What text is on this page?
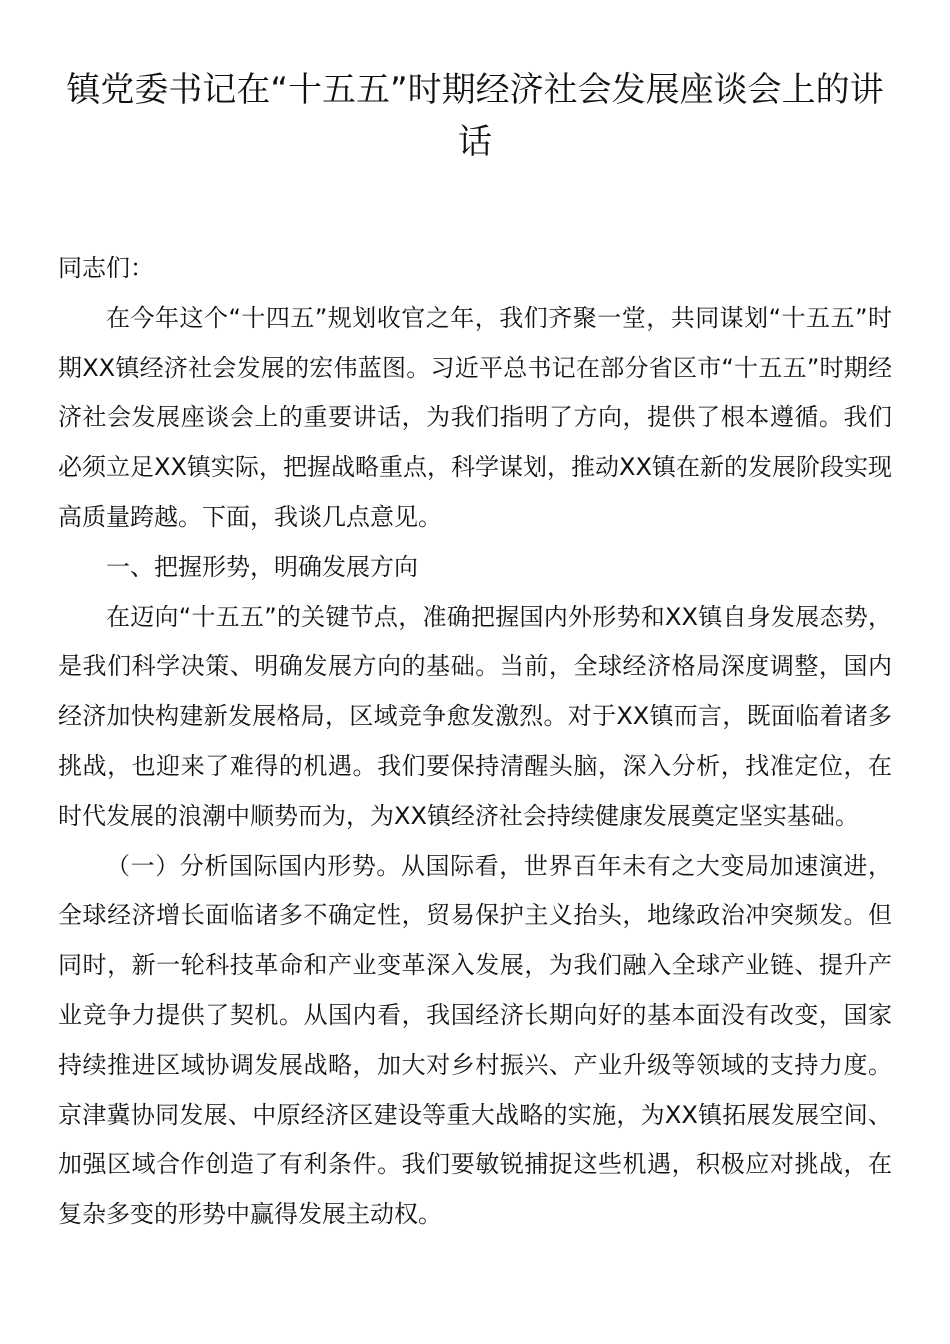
镇党委书记在“十五五”时期经济社会发展座谈会上的讲话

同志们：

在今年这个“十四五”规划收官之年，我们齐聚一堂，共同谋划“十五五”时期XX镇经济社会发展的宏伟蓝图。习近平总书记在部分省区市“十五五”时期经济社会发展座谈会上的重要讲话，为我们指明了方向，提供了根本遵循。我们必须立足XX镇实际，把握战略重点，科学谋划，推动XX镇在新的发展阶段实现高质量跨越。下面，我谈几点意见。

一、把握形势，明确发展方向

在迈向“十五五”的关键节点，准确把握国内外形势和XX镇自身发展态势，是我们科学决策、明确发展方向的基础。当前，全球经济格局深度调整，国内经济加快构建新发展格局，区域竞争愈发激烈。对于XX镇而言，既面临着诸多挑战，也迎来了难得的机遇。我们要保持清醒头脑，深入分析，找准定位，在时代发展的浪潮中顺势而为，为XX镇经济社会持续健康发展奠定坚实基础。

（一）分析国际国内形势。从国际看，世界百年未有之大变局加速演进，全球经济增长面临诸多不确定性，贸易保护主义抬头，地缘政治冲突频发。但同时，新一轮科技革命和产业变革深入发展，为我们融入全球产业链、提升产业竞争力提供了契机。从国内看，我国经济长期向好的基本面没有改变，国家持续推进区域协调发展战略，加大对乡村振兴、产业升级等领域的支持力度。京津冀协同发展、中原经济区建设等重大战略的实施，为XX镇拓展发展空间、加强区域合作创造了有利条件。我们要敏锐捕捉这些机遇，积极应对挑战，在复杂多变的形势中赢得发展主动权。
